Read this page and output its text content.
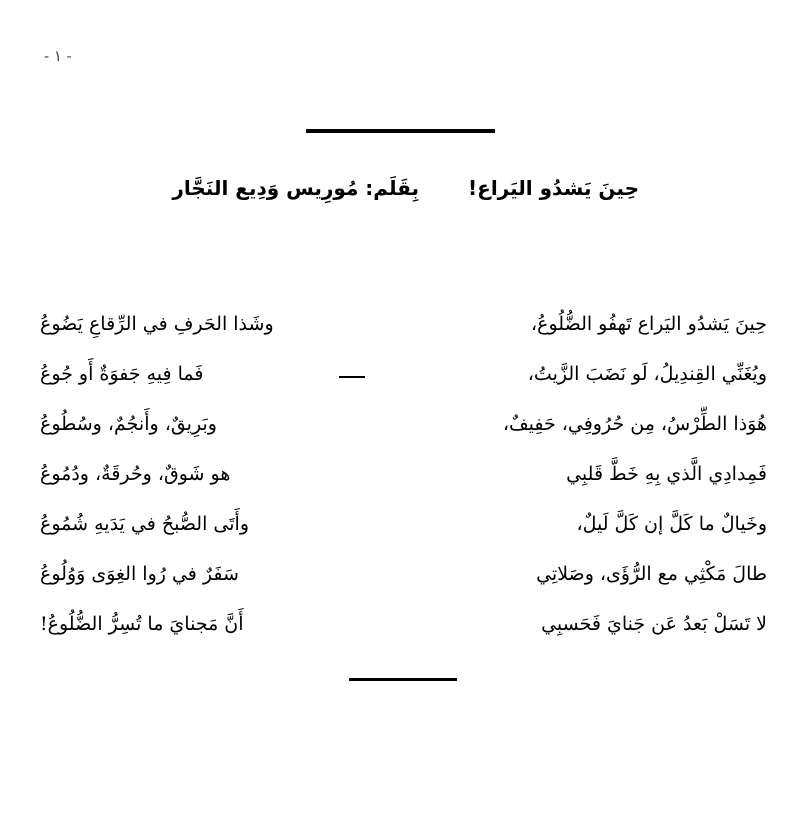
- ١ -
حِينَ يَشدُو اليَراع! بِقَلَم: مُورِيس وَدِيع النَجَّار
حِينَ يَشدُو اليَراع تَهفُو الضُّلُوعُ،
وشَذا الحَرفِ في الرِّقاعِ يَضُوعُ
ويُغَنِّي القِندِيلُ، لَو نَضَبَ الزَّيتُ،
فَما فِيهِ جَفوَةٌ أَو جُوعُ
هُوَذا الطِّرْسُ، مِن حُرُوفِي، حَفِيفٌ،
وبَرِيقٌ، وأَنجُمٌ، وسُطُوعُ
فَمِدادِي الَّذي بِهِ خَطَّ قَلبِي
هو شَوقٌ، وحُرقَةٌ، ودُمُوعُ
وخَيالٌ ما كَلَّ إن كَلَّ لَيلٌ،
وأَتَى الصُّبحُ في يَدَيهِ شُمُوعُ
طالَ مَكْثِي مع الرُّؤَى، وصَلاتِي
سَفَرٌ في رُوا الغِوَى وَوُلُوعُ
لا تَسَلْ بَعدُ عَن جَنايَ فَحَسبِي
أَنَّ مَجنايَ ما تُسِرُّ الضُّلُوعُ!
